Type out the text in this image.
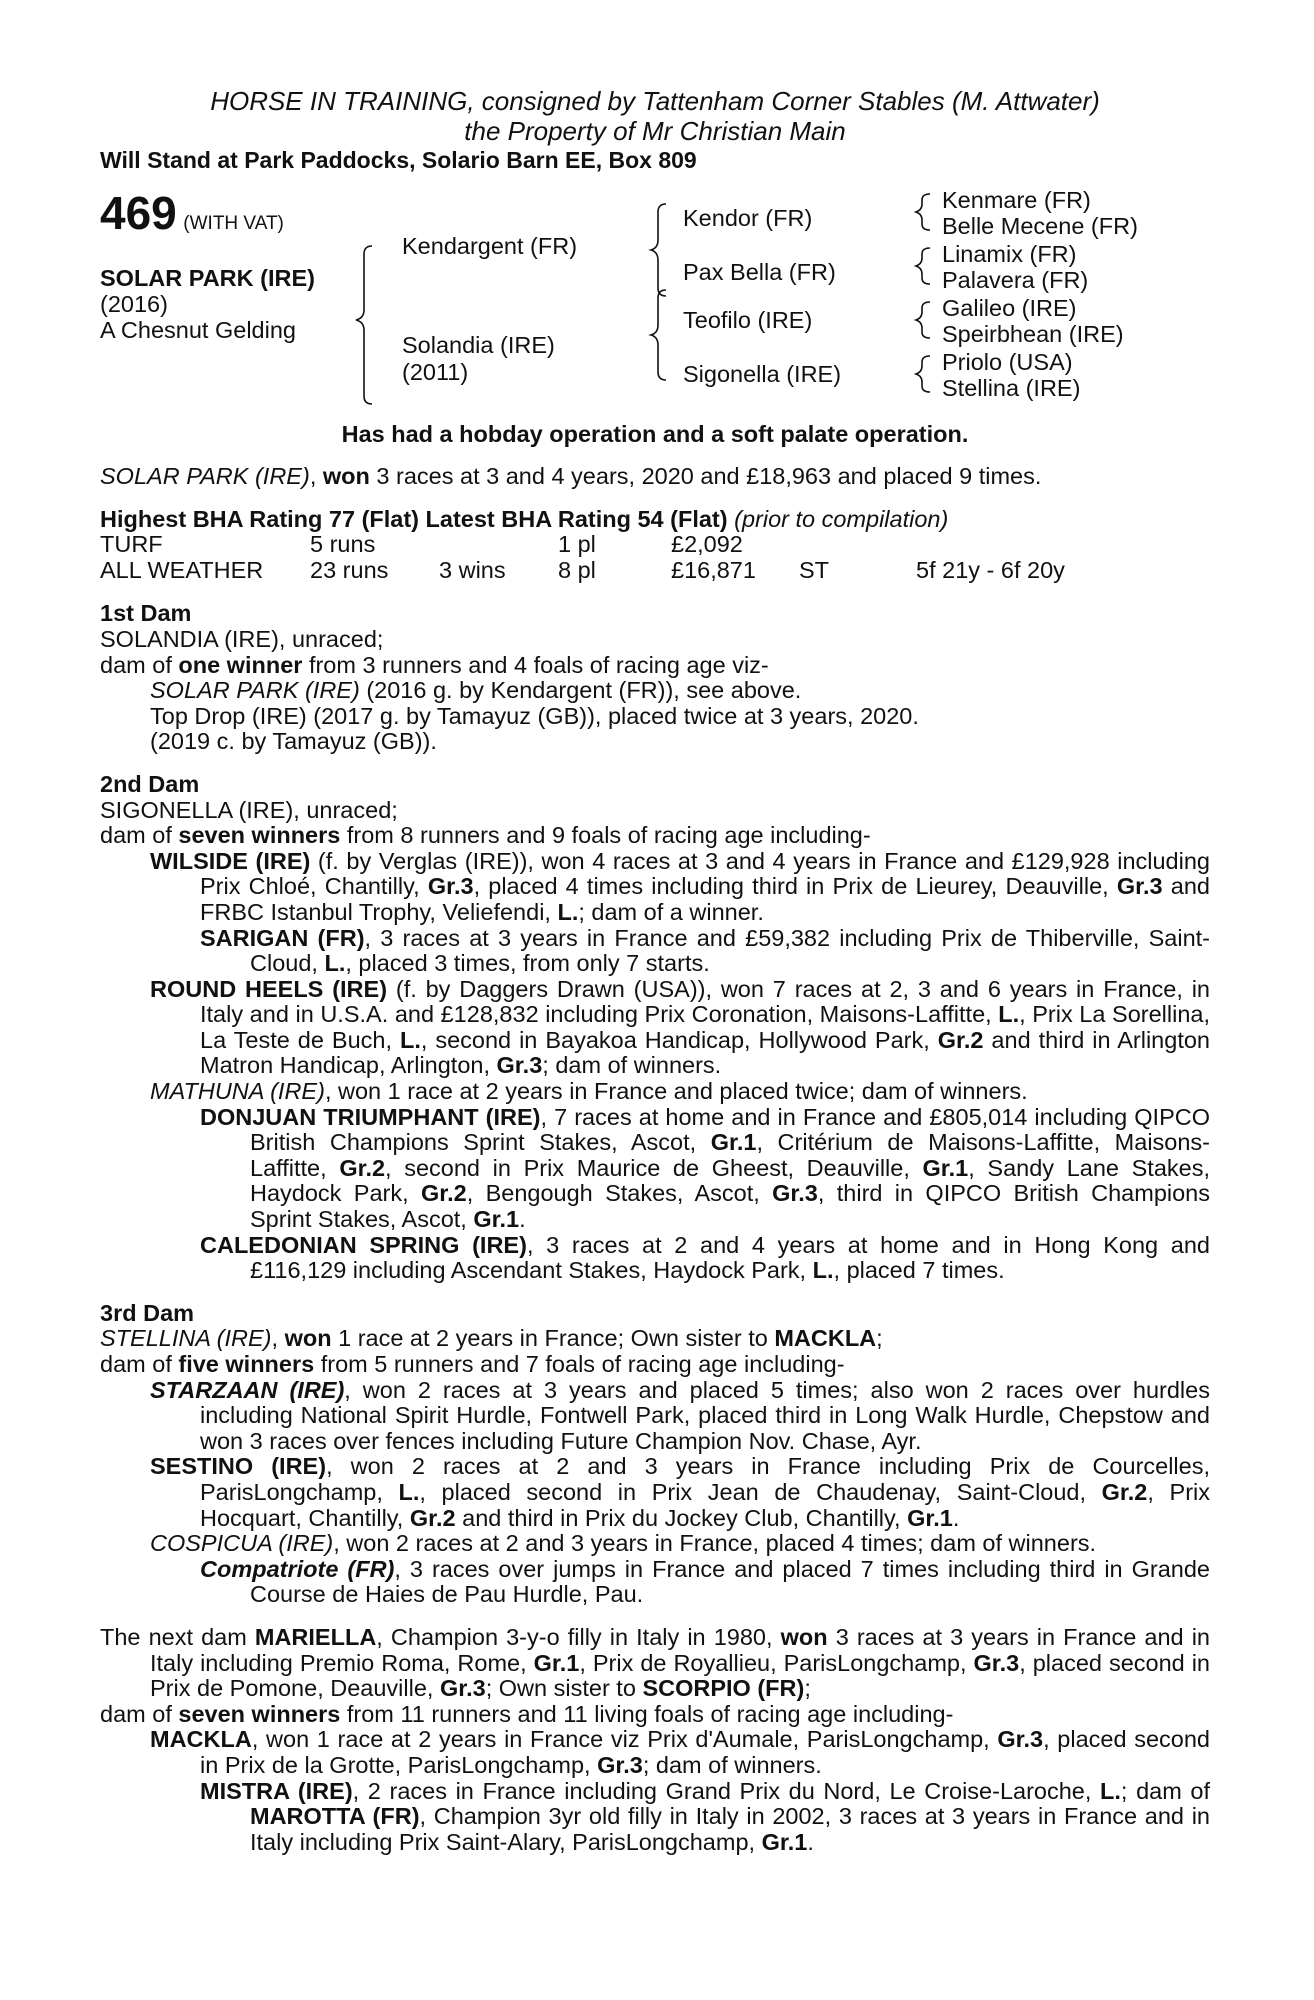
HORSE IN TRAINING, consigned by Tattenham Corner Stables (M. Attwater)
the Property of Mr Christian Main
Will Stand at Park Paddocks, Solario Barn EE, Box 809
469 (WITH VAT)
SOLAR PARK (IRE)
(2016)
A Chesnut Gelding
Kendargent (FR)
Solandia (IRE)
(2011)
Kendor (FR)
Pax Bella (FR)
Teofilo (IRE)
Sigonella (IRE)
Kenmare (FR)
Belle Mecene (FR)
Linamix (FR)
Palavera (FR)
Galileo (IRE)
Speirbhean (IRE)
Priolo (USA)
Stellina (IRE)

Has had a hobday operation and a soft palate operation.

SOLAR PARK (IRE), won 3 races at 3 and 4 years, 2020 and £18,963 and placed 9 times.

Highest BHA Rating 77 (Flat) Latest BHA Rating 54 (Flat) (prior to compilation)

TURF	5 runs	1 pl	£2,092
ALL WEATHER 23 runs 3 wins 8 pl	£16,871 ST	5f 21y - 6f 20y

1st Dam

SOLANDIA (IRE), unraced;

dam of one winner from 3 runners and 4 foals of racing age viz-

SOLAR PARK (IRE) (2016 g. by Kendargent (FR)), see above.

Top Drop (IRE) (2017 g. by Tamayuz (GB)), placed twice at 3 years, 2020.

(2019 c. by Tamayuz (GB)).

2nd Dam

SIGONELLA (IRE), unraced;

dam of seven winners from 8 runners and 9 foals of racing age including-

WILSIDE (IRE) (f. by Verglas (IRE)), won 4 races at 3 and 4 years in France and £129,928 including Prix Chloé, Chantilly, Gr.3, placed 4 times including third in Prix de Lieurey, Deauville, Gr.3 and FRBC Istanbul Trophy, Veliefendi, L.; dam of a winner.

SARIGAN (FR), 3 races at 3 years in France and £59,382 including Prix de Thiberville, Saint-Cloud, L., placed 3 times, from only 7 starts.

ROUND HEELS (IRE) (f. by Daggers Drawn (USA)), won 7 races at 2, 3 and 6 years in France, in Italy and in U.S.A. and £128,832 including Prix Coronation, Maisons-Laffitte, L., Prix La Sorellina, La Teste de Buch, L., second in Bayakoa Handicap, Hollywood Park, Gr.2 and third in Arlington Matron Handicap, Arlington, Gr.3; dam of winners.

MATHUNA (IRE), won 1 race at 2 years in France and placed twice; dam of winners.

DONJUAN TRIUMPHANT (IRE), 7 races at home and in France and £805,014 including QIPCO British Champions Sprint Stakes, Ascot, Gr.1, Critérium de Maisons-Laffitte, Maisons-Laffitte, Gr.2, second in Prix Maurice de Gheest, Deauville, Gr.1, Sandy Lane Stakes, Haydock Park, Gr.2, Bengough Stakes, Ascot, Gr.3, third in QIPCO British Champions Sprint Stakes, Ascot, Gr.1.

CALEDONIAN SPRING (IRE), 3 races at 2 and 4 years at home and in Hong Kong and £116,129 including Ascendant Stakes, Haydock Park, L., placed 7 times.

3rd Dam

STELLINA (IRE), won 1 race at 2 years in France; Own sister to MACKLA;

dam of five winners from 5 runners and 7 foals of racing age including-

STARZAAN (IRE), won 2 races at 3 years and placed 5 times; also won 2 races over hurdles including National Spirit Hurdle, Fontwell Park, placed third in Long Walk Hurdle, Chepstow and won 3 races over fences including Future Champion Nov. Chase, Ayr.

SESTINO (IRE), won 2 races at 2 and 3 years in France including Prix de Courcelles, ParisLongchamp, L., placed second in Prix Jean de Chaudenay, Saint-Cloud, Gr.2, Prix Hocquart, Chantilly, Gr.2 and third in Prix du Jockey Club, Chantilly, Gr.1.

COSPICUA (IRE), won 2 races at 2 and 3 years in France, placed 4 times; dam of winners.

Compatriote (FR), 3 races over jumps in France and placed 7 times including third in Grande Course de Haies de Pau Hurdle, Pau.

The next dam MARIELLA, Champion 3-y-o filly in Italy in 1980, won 3 races at 3 years in France and in Italy including Premio Roma, Rome, Gr.1, Prix de Royallieu, ParisLongchamp, Gr.3, placed second in Prix de Pomone, Deauville, Gr.3; Own sister to SCORPIO (FR);

dam of seven winners from 11 runners and 11 living foals of racing age including-

MACKLA, won 1 race at 2 years in France viz Prix d'Aumale, ParisLongchamp, Gr.3, placed second in Prix de la Grotte, ParisLongchamp, Gr.3; dam of winners.

MISTRA (IRE), 2 races in France including Grand Prix du Nord, Le Croise-Laroche, L.; dam of MAROTTA (FR), Champion 3yr old filly in Italy in 2002, 3 races at 3 years in France and in Italy including Prix Saint-Alary, ParisLongchamp, Gr.1.
